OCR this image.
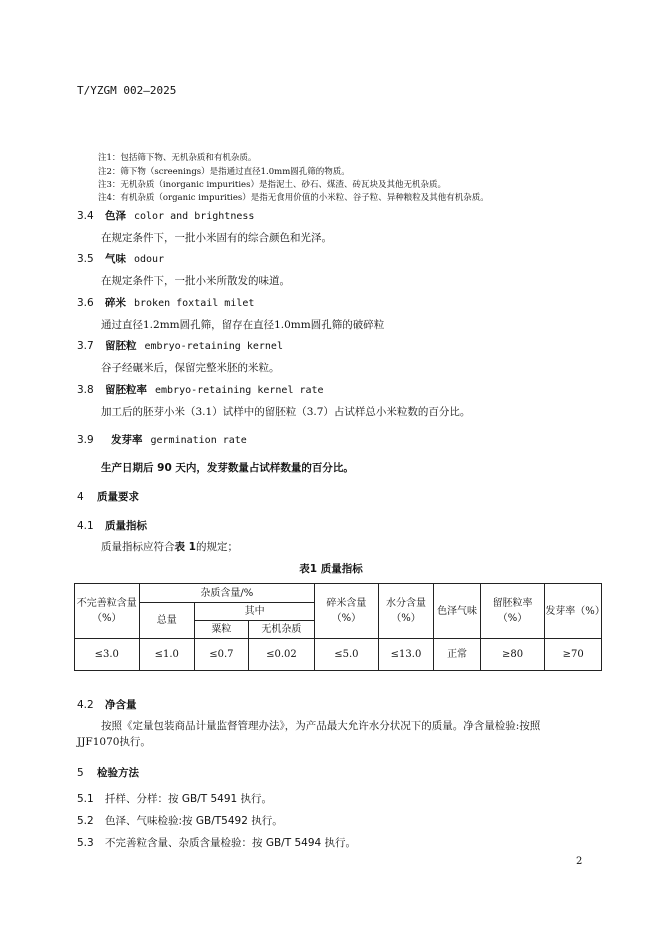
T/YZGM 002—2025
注1：包括筛下物、无机杂质和有机杂质。
注2：筛下物（screenings）是指通过直径1.0mm圆孔筛的物质。
注3：无机杂质（inorganic impurities）是指泥土、砂石、煤渣、砖瓦块及其他无机杂质。
注4：有机杂质（organic impurities）是指无食用价值的小米粒、谷子粒、异种粮粒及其他有机杂质。
3.4 色泽 color and brightness
在规定条件下，一批小米固有的综合颜色和光泽。
3.5 气味 odour
在规定条件下，一批小米所散发的味道。
3.6 碎米 broken foxtail milet
通过直径1.2mm圆孔筛，留存在直径1.0mm圆孔筛的破碎粒
3.7 留胚粒 embryo-retaining kernel
谷子经碾米后，保留完整米胚的米粒。
3.8 留胚粒率 embryo-retaining kernel rate
加工后的胚芽小米（3.1）试样中的留胚粒（3.7）占试样总小米粒数的百分比。
3.9 发芽率 germination rate
生产日期后 90 天内，发芽数量占试样数量的百分比。
4 质量要求
4.1 质量指标
质量指标应符合表 1的规定；
表1 质量指标
不完善粒含量（%）	杂质含量/%			碎米含量（%）	水分含量（%）	色泽气味	留胚粒率（%）	发芽率（%）
	总量	其中						
		粟粒	无机杂质					
≤3.0	≤1.0	≤0.7	≤0.02	≤5.0	≤13.0	正常	≥80	≥70
4.2 净含量
按照《定量包装商品计量监督管理办法》，为产品最大允许水分状况下的质量。净含量检验:按照
JJF1070执行。
5 检验方法
5.1 扦样、分样：按 GB/T 5491 执行。
5.2 色泽、气味检验:按 GB/T5492 执行。
5.3 不完善粒含量、杂质含量检验：按 GB/T 5494 执行。
2
